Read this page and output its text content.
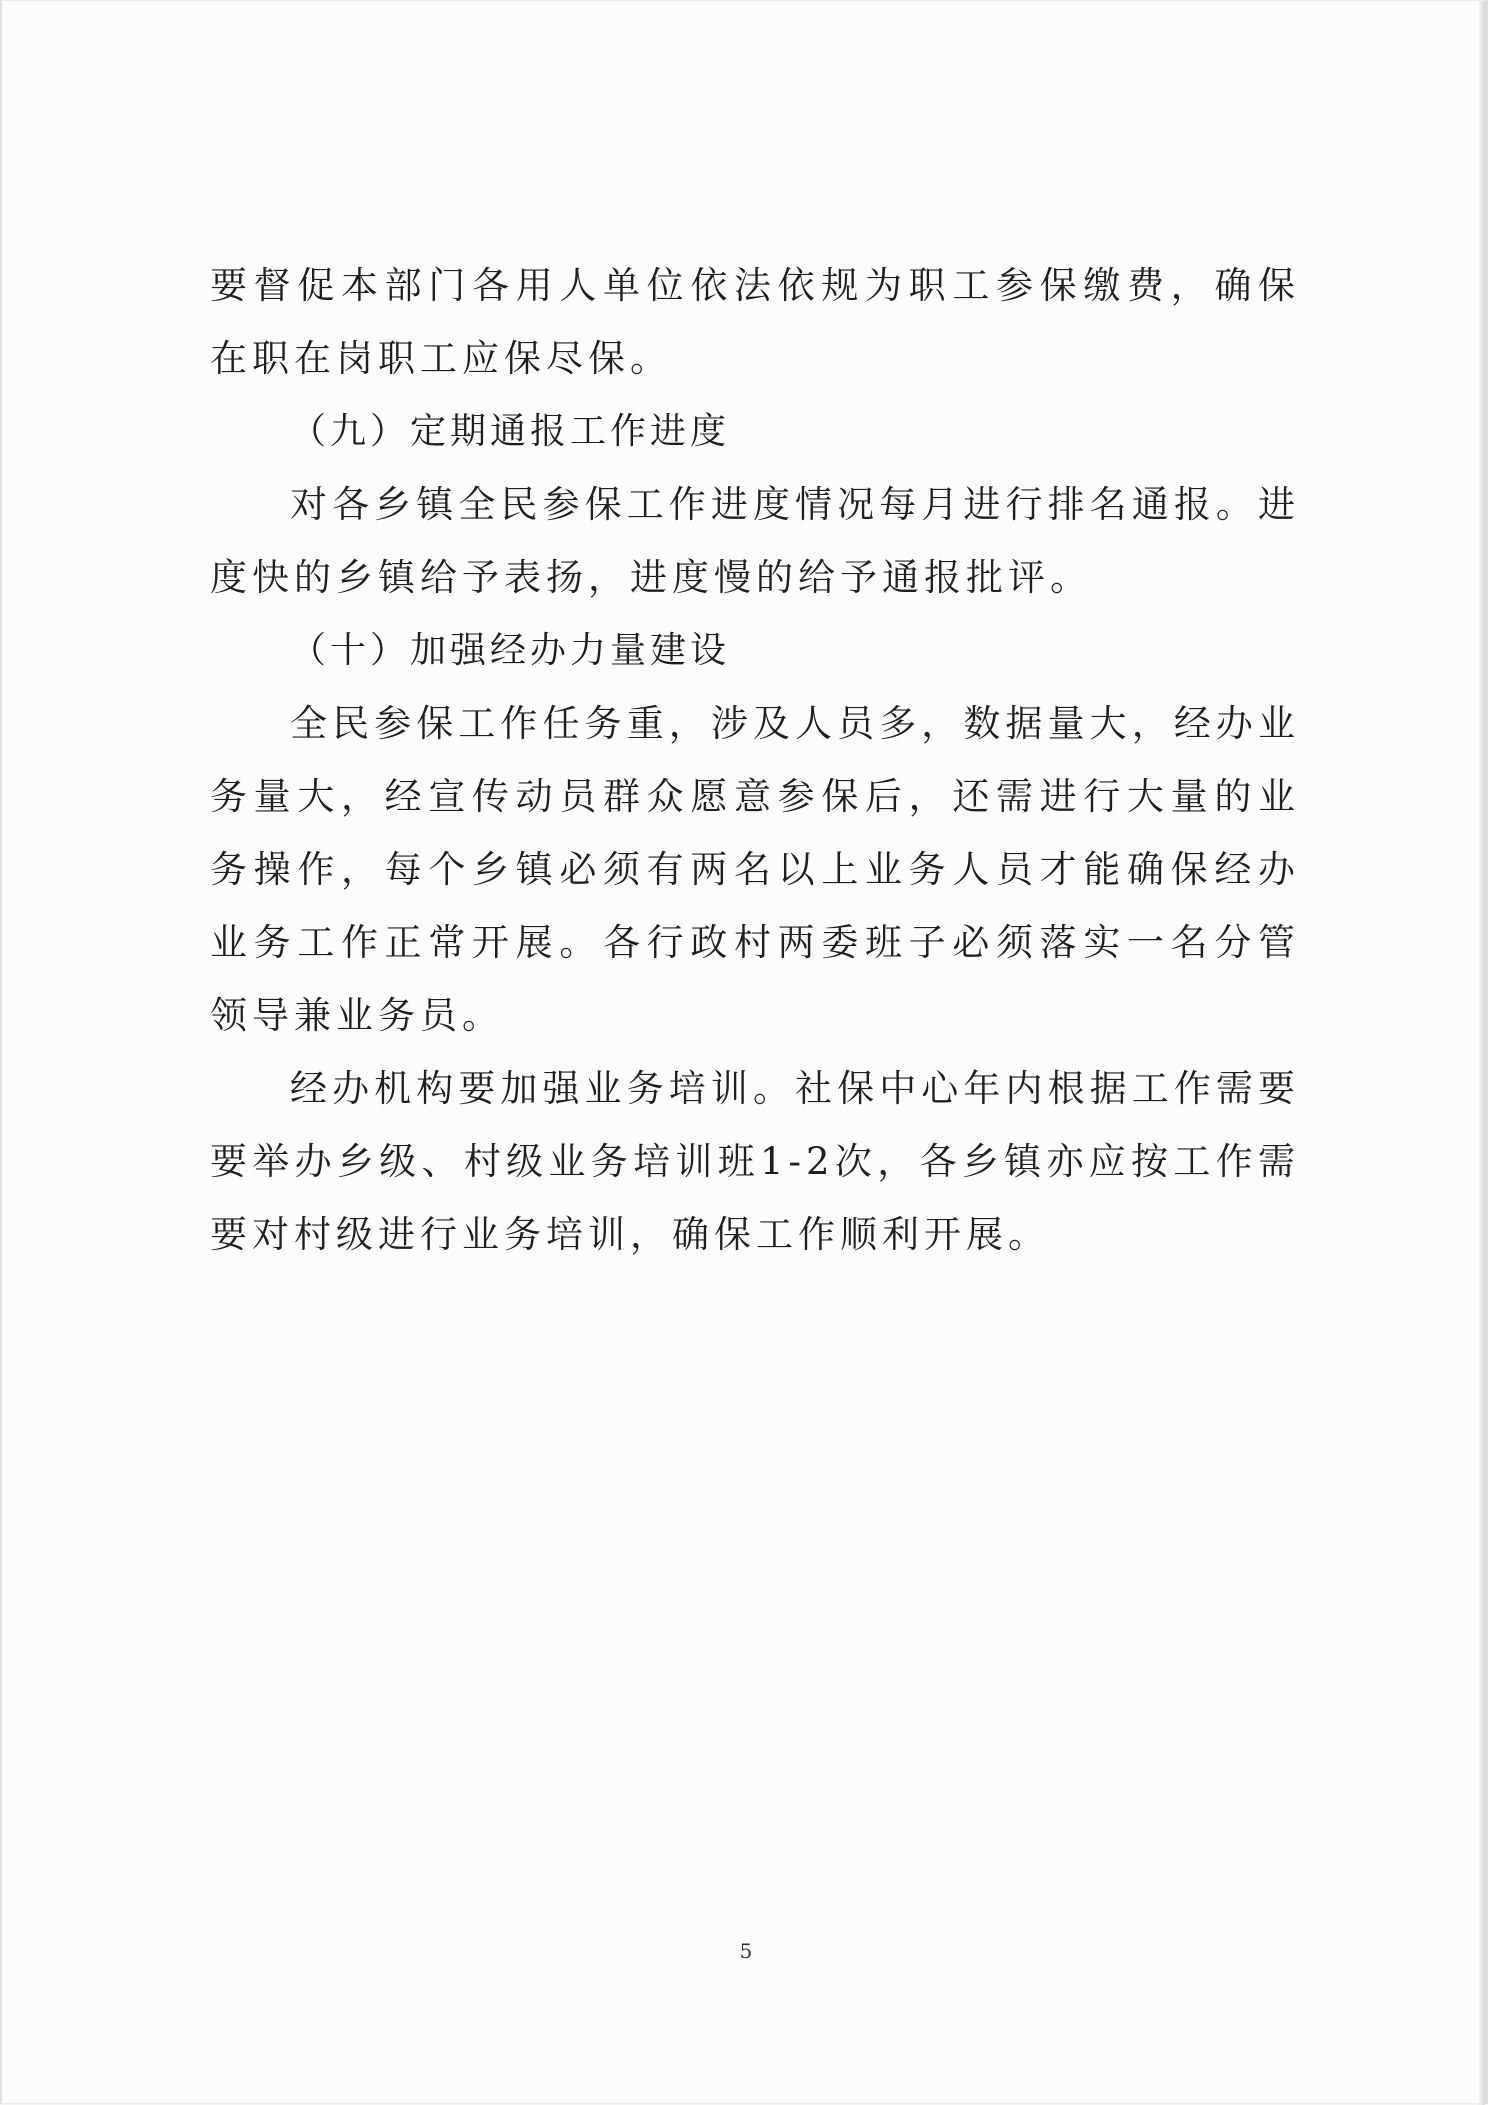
要督促本部门各用人单位依法依规为职工参保缴费，确保在职在岗职工应保尽保。

（九）定期通报工作进度

对各乡镇全民参保工作进度情况每月进行排名通报。进度快的乡镇给予表扬，进度慢的给予通报批评。

（十）加强经办力量建设

全民参保工作任务重，涉及人员多，数据量大，经办业务量大，经宣传动员群众愿意参保后，还需进行大量的业务操作，每个乡镇必须有两名以上业务人员才能确保经办业务工作正常开展。各行政村两委班子必须落实一名分管领导兼业务员。

经办机构要加强业务培训。社保中心年内根据工作需要要举办乡级、村级业务培训班1-2次，各乡镇亦应按工作需要对村级进行业务培训，确保工作顺利开展。

5
